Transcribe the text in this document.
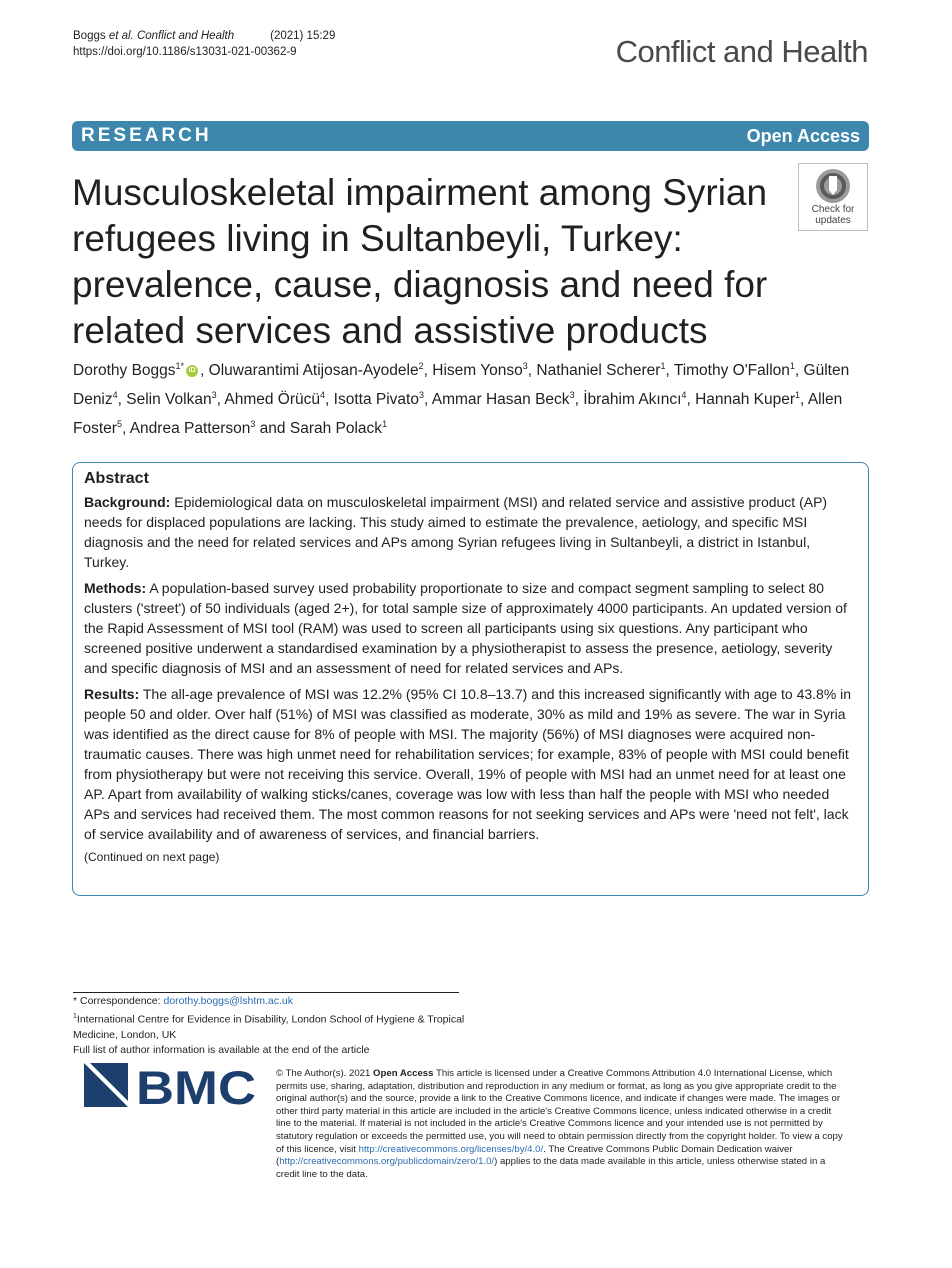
Boggs et al. Conflict and Health	(2021) 15:29
https://doi.org/10.1186/s13031-021-00362-9	Conflict and Health
RESEARCH	Open Access
Musculoskeletal impairment among Syrian refugees living in Sultanbeyli, Turkey: prevalence, cause, diagnosis and need for related services and assistive products
Check for
updates
Dorothy Boggs$^{1*}$ iD , Oluwarantimi Atijosan-Ayodele$^2$, Hisem Yonso$^3$, Nathaniel Scherer$^1$, Timothy O'Fallon$^1$, Gülten Deniz$^4$, Selin Volkan$^3$, Ahmed Örücü$^4$, Isotta Pivato$^3$, Ammar Hasan Beck$^3$, İbrahim Akıncı$^4$, Hannah Kuper$^1$, Allen Foster$^5$, Andrea Patterson$^3$ and Sarah Polack$^1$
Abstract

Background: Epidemiological data on musculoskeletal impairment (MSI) and related service and assistive product (AP) needs for displaced populations are lacking. This study aimed to estimate the prevalence, aetiology, and specific MSI diagnosis and the need for related services and APs among Syrian refugees living in Sultanbeyli, a district in Istanbul, Turkey.

Methods: A population-based survey used probability proportionate to size and compact segment sampling to select 80 clusters ('street') of 50 individuals (aged 2+), for total sample size of approximately 4000 participants. An updated version of the Rapid Assessment of MSI tool (RAM) was used to screen all participants using six questions. Any participant who screened positive underwent a standardised examination by a physiotherapist to assess the presence, aetiology, severity and specific diagnosis of MSI and an assessment of need for related services and APs.

Results: The all-age prevalence of MSI was 12.2% (95% CI 10.8–13.7) and this increased significantly with age to 43.8% in people 50 and older. Over half (51%) of MSI was classified as moderate, 30% as mild and 19% as severe. The war in Syria was identified as the direct cause for 8% of people with MSI. The majority (56%) of MSI diagnoses were acquired non-traumatic causes. There was high unmet need for rehabilitation services; for example, 83% of people with MSI could benefit from physiotherapy but were not receiving this service. Overall, 19% of people with MSI had an unmet need for at least one AP. Apart from availability of walking sticks/canes, coverage was low with less than half the people with MSI who needed APs and services had received them. The most common reasons for not seeking services and APs were 'need not felt', lack of service availability and of awareness of services, and financial barriers.

(Continued on next page)
* Correspondence: dorothy.boggs@lshtm.ac.uk
$^1$International Centre for Evidence in Disability, London School of Hygiene & Tropical Medicine, London, UK
Full list of author information is available at the end of the article
BMC © The Author(s). 2021 Open Access This article is licensed under a Creative Commons Attribution 4.0 International License, which permits use, sharing, adaptation, distribution and reproduction in any medium or format, as long as you give appropriate credit to the original author(s) and the source, provide a link to the Creative Commons licence, and indicate if changes were made. The images or other third party material in this article are included in the article's Creative Commons licence, unless indicated otherwise in a credit line to the material. If material is not included in the article's Creative Commons licence and your intended use is not permitted by statutory regulation or exceeds the permitted use, you will need to obtain permission directly from the copyright holder. To view a copy of this licence, visit http://creativecommons.org/licenses/by/4.0/. The Creative Commons Public Domain Dedication waiver (http://creativecommons.org/publicdomain/zero/1.0/) applies to the data made available in this article, unless otherwise stated in a credit line to the data.
